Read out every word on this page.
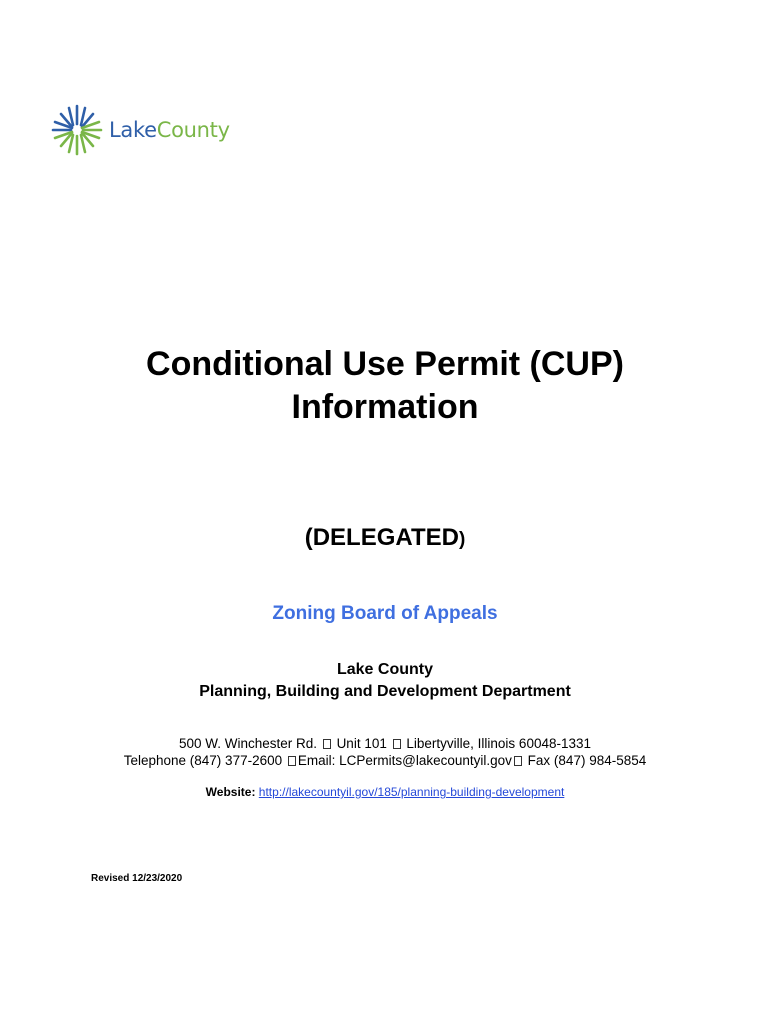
LakeCounty
Conditional Use Permit (CUP)
Information
(DELEGATED)
Zoning Board of Appeals
Lake County
Planning, Building and Development Department
500 W. Winchester Rd. Unit 101 Libertyville, Illinois 60048-1331
Telephone (847) 377-2600 Email: LCPermits@lakecountyil.gov Fax (847) 984-5854
Website: http://lakecountyil.gov/185/planning-building-development
Revised 12/23/2020
